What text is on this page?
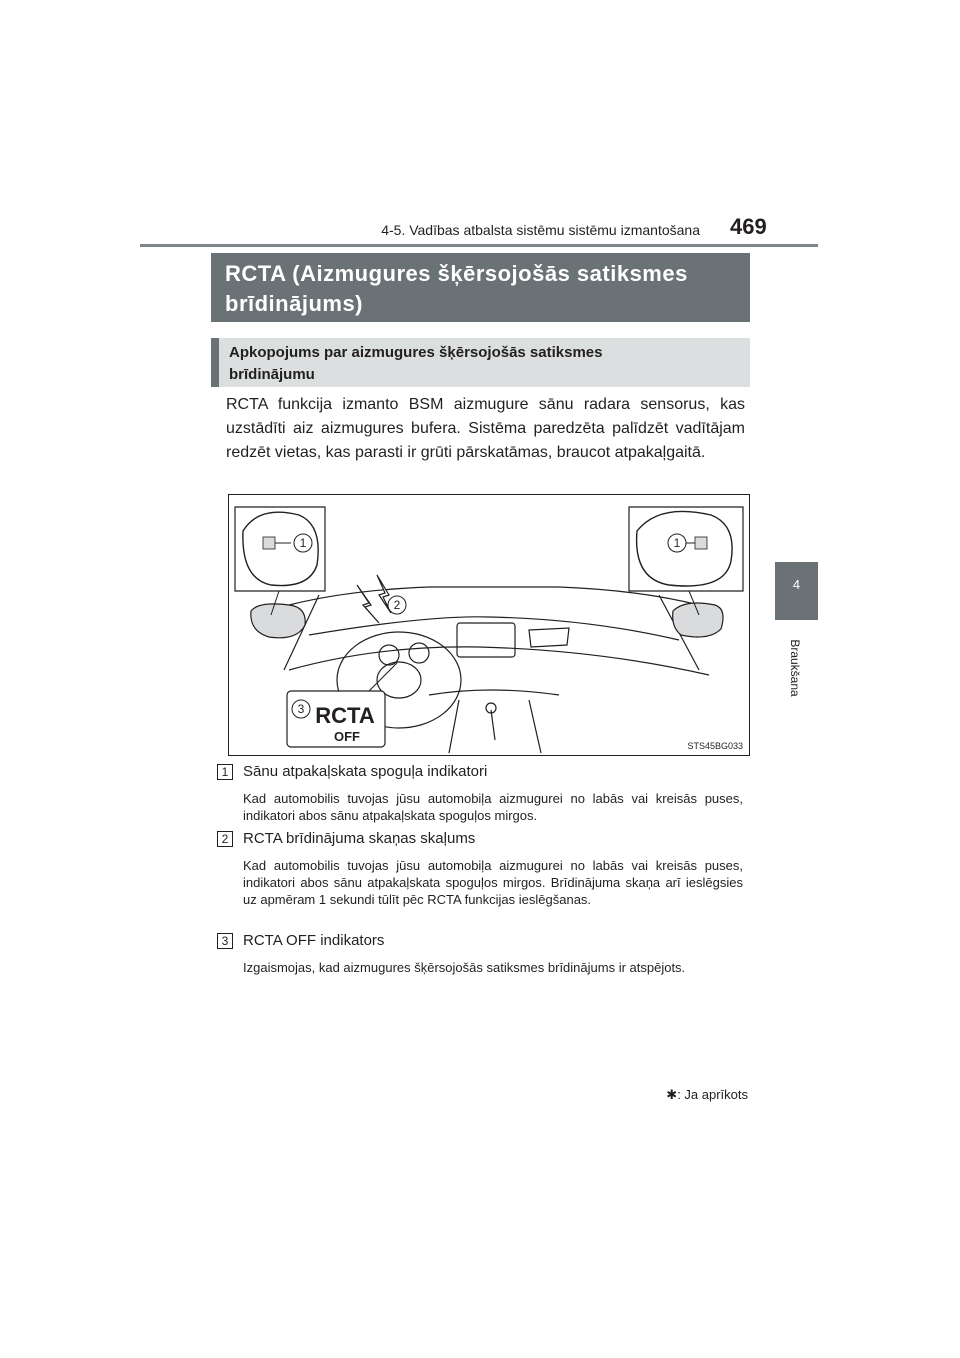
4-5. Vadības atbalsta sistēmu sistēmu izmantošana 469
4
Braukšana
RCTA (Aizmugures šķērsojošās satiksmes
brīdinājums)
Apkopojums par aizmugures šķērsojošās satiksmes
brīdinājumu

RCTA funkcija izmanto BSM aizmugure sānu radara sensorus, kas uzstādīti aiz aizmugures bufera. Sistēma paredzēta palīdzēt vadītājam redzēt vietas, kas parasti ir grūti pārskatāmas, braucot atpakaļgaitā.

1	1
2
3 RCTA
OFF
STS45BG033
1 Sānu atpakaļskata spoguļa indikatori

Kad automobilis tuvojas jūsu automobiļa aizmugurei no labās vai kreisās puses, indikatori abos sānu atpakaļskata spoguļos mirgos.

2 RCTA brīdinājuma skaņas skaļums

Kad automobilis tuvojas jūsu automobiļa aizmugurei no labās vai kreisās puses, indikatori abos sānu atpakaļskata spoguļos mirgos. Brīdinājuma skaņa arī ieslēgsies uz apmēram 1 sekundi tūlīt pēc RCTA funkcijas ieslēgšanas.

3 RCTA OFF indikators

Izgaismojas, kad aizmugures šķērsojošās satiksmes brīdinājums ir atspējots.

✱: Ja aprīkots
